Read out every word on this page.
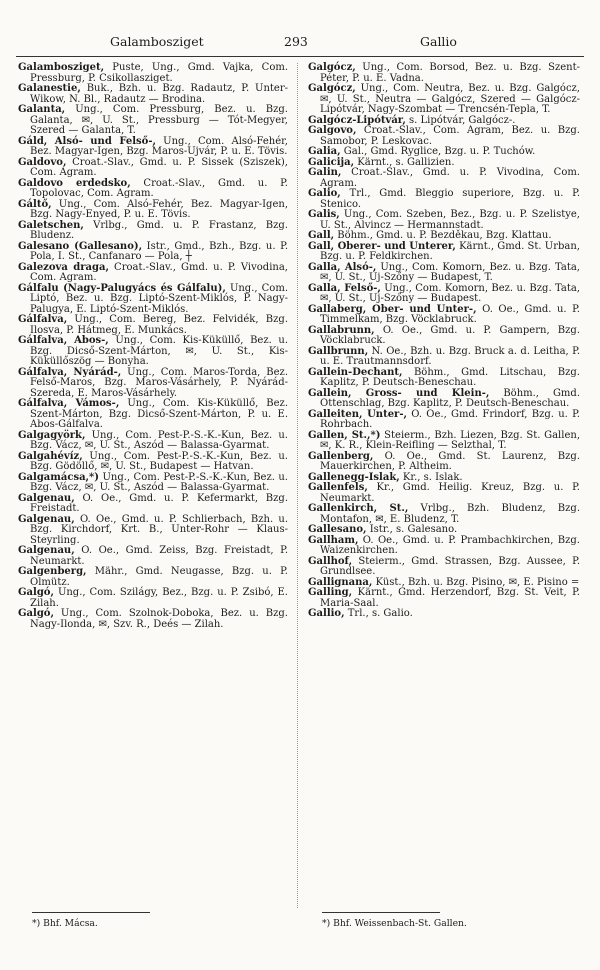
Galambosziget	293	Gallio

Galambosziget, Puste, Ung., Gmd. Vajka, Com. Pressburg, P. Csikollasziget.

Galanestie, Buk., Bzh. u. Bzg. Radautz, P. Unter-Wikow, N. Bl., Radautz — Brodina.

Galanta, Ung., Com. Pressburg, Bez. u. Bzg. Galanta, ✉, U. St., Pressburg — Tót-Megyer, Szered — Galanta, T.

Gáld, Alsó- und Felső-, Ung., Com. Alsó-Fehér, Bez. Magyar-Igen, Bzg. Maros-Ujvár, P. u. E. Tövis.

Galdovo, Croat.-Slav., Gmd. u. P. Sissek (Sziszek), Com. Agram.

Galdovo erdedsko, Croat.-Slav., Gmd. u. P. Topolovac, Com. Agram.

Gáltő, Ung., Com. Alsó-Fehér, Bez. Magyar-Igen, Bzg. Nagy-Enyed, P. u. E. Tövis.

Galetschen, Vrlbg., Gmd. u. P. Frastanz, Bzg. Bludenz.

Galesano (Gallesano), Istr., Gmd., Bzh., Bzg. u. P. Pola, I. St., Canfanaro — Pola, ┼

Galezova draga, Croat.-Slav., Gmd. u. P. Vivodina, Com. Agram.

Gálfalu (Nagy-Palugyács és Gálfalu), Ung., Com. Liptó, Bez. u. Bzg. Liptó-Szent-Miklós, P. Nagy-Palugya, E. Liptó-Szent-Miklós.

Gálfalva, Ung., Com. Bereg, Bez. Felvidék, Bzg. Ilosva, P. Hátmeg, E. Munkács.

Gálfalva, Abos-, Ung., Com. Kis-Küküllő, Bez. u. Bzg. Dicső-Szent-Márton, ✉, U. St., Kis-Küküllőszög — Bonyha.

Gálfalva, Nyárád-, Ung., Com. Maros-Torda, Bez. Felső-Maros, Bzg. Maros-Vásárhely, P. Nyárád-Szereda, E. Maros-Vásárhely.

Gálfalva, Vámos-, Ung., Com. Kis-Küküllő, Bez. Szent-Márton, Bzg. Dicső-Szent-Márton, P. u. E. Abos-Gálfalva.

Galgagyörk, Ung., Com. Pest-P.-S.-K.-Kun, Bez. u. Bzg. Vácz, ✉, U. St., Aszód — Balassa-Gyarmat.

Galgahévíz, Ung., Com. Pest-P.-S.-K.-Kun, Bez. u. Bzg. Gödöllő, ✉, U. St., Budapest — Hatvan.

Galgamácsa,*) Ung., Com. Pest-P.-S.-K.-Kun, Bez. u. Bzg. Vácz, ✉, U. St., Aszód — Balassa-Gyarmat.

Galgenau, O. Oe., Gmd. u. P. Kefermarkt, Bzg. Freistadt.

Galgenau, O. Oe., Gmd. u. P. Schlierbach, Bzh. u. Bzg. Kirchdorf, Krt. B., Unter-Rohr — Klaus-Steyrling.

Galgenau, O. Oe., Gmd. Zeiss, Bzg. Freistadt, P. Neumarkt.

Galgenberg, Mähr., Gmd. Neugasse, Bzg. u. P. Olmütz.

Galgó, Ung., Com. Szilágy, Bez., Bzg. u. P. Zsibó, E. Zilah.

Galgó, Ung., Com. Szolnok-Doboka, Bez. u. Bzg. Nagy-Ilonda, ✉, Szv. R., Deés — Zilah.

Galgócz, Ung., Com. Borsod, Bez. u. Bzg. Szent-Péter, P. u. E. Vadna.

Galgócz, Ung., Com. Neutra, Bez. u. Bzg. Galgócz, ✉, U. St., Neutra — Galgócz, Szered — Galgócz-Lipótvár, Nagy-Szombat — Trencsén-Tepla, T.

Galgócz-Lipótvár, s. Lipótvár, Galgócz-.

Galgovo, Croat.-Slav., Com. Agram, Bez. u. Bzg. Samobor, P. Leskovac.

Galia, Gal., Gmd. Ryglice, Bzg. u. P. Tuchów.

Galicija, Kärnt., s. Gallizien.

Galin, Croat.-Slav., Gmd. u. P. Vivodina, Com. Agram.

Galio, Trl., Gmd. Bleggio superiore, Bzg. u. P. Stenico.

Galis, Ung., Com. Szeben, Bez., Bzg. u. P. Szelistye, U. St., Alvincz — Hermannstadt.

Gall, Böhm., Gmd. u. P. Bezděkau, Bzg. Klattau.

Gall, Oberer- und Unterer, Kärnt., Gmd. St. Urban, Bzg. u. P. Feldkirchen.

Galla, Alsó-, Ung., Com. Komorn, Bez. u. Bzg. Tata, ✉, U. St., Uj-Szőny — Budapest, T.

Galla, Felső-, Ung., Com. Komorn, Bez. u. Bzg. Tata, ✉, U. St., Uj-Szőny — Budapest.

Gallaberg, Ober- und Unter-, O. Oe., Gmd. u. P. Timmelkam, Bzg. Vöcklabruck.

Gallabrunn, O. Oe., Gmd. u. P. Gampern, Bzg. Vöcklabruck.

Gallbrunn, N. Oe., Bzh. u. Bzg. Bruck a. d. Leitha, P. u. E. Trautmannsdorf.

Gallein-Dechant, Böhm., Gmd. Litschau, Bzg. Kaplitz, P. Deutsch-Beneschau.

Gallein, Gross- und Klein-, Böhm., Gmd. Ottenschlag, Bzg. Kaplitz, P. Deutsch-Beneschau.

Galleiten, Unter-, O. Oe., Gmd. Frindorf, Bzg. u. P. Rohrbach.

Gallen, St.,*) Steierm., Bzh. Liezen, Bzg. St. Gallen, ✉, K. R., Klein-Reifling — Selzthal, T.

Gallenberg, O. Oe., Gmd. St. Laurenz, Bzg. Mauerkirchen, P. Altheim.

Gallenegg-Islak, Kr., s. Islak.

Gallenfels, Kr., Gmd. Heilig. Kreuz, Bzg. u. P. Neumarkt.

Gallenkirch, St., Vrlbg., Bzh. Bludenz, Bzg. Montafon, ✉, E. Bludenz, T.

Gallesano, Istr., s. Galesano.

Gallham, O. Oe., Gmd. u. P. Prambachkirchen, Bzg. Waizenkirchen.

Gallhof, Steierm., Gmd. Strassen, Bzg. Aussee, P. Grundlsee.

Gallignana, Küst., Bzh. u. Bzg. Pisino, ✉, E. Pisino =

Galling, Kärnt., Gmd. Herzendorf, Bzg. St. Veit, P. Maria-Saal.

Gallio, Trl., s. Galio.

*) Bhf. Mácsa.	*) Bhf. Weissenbach-St. Gallen.
